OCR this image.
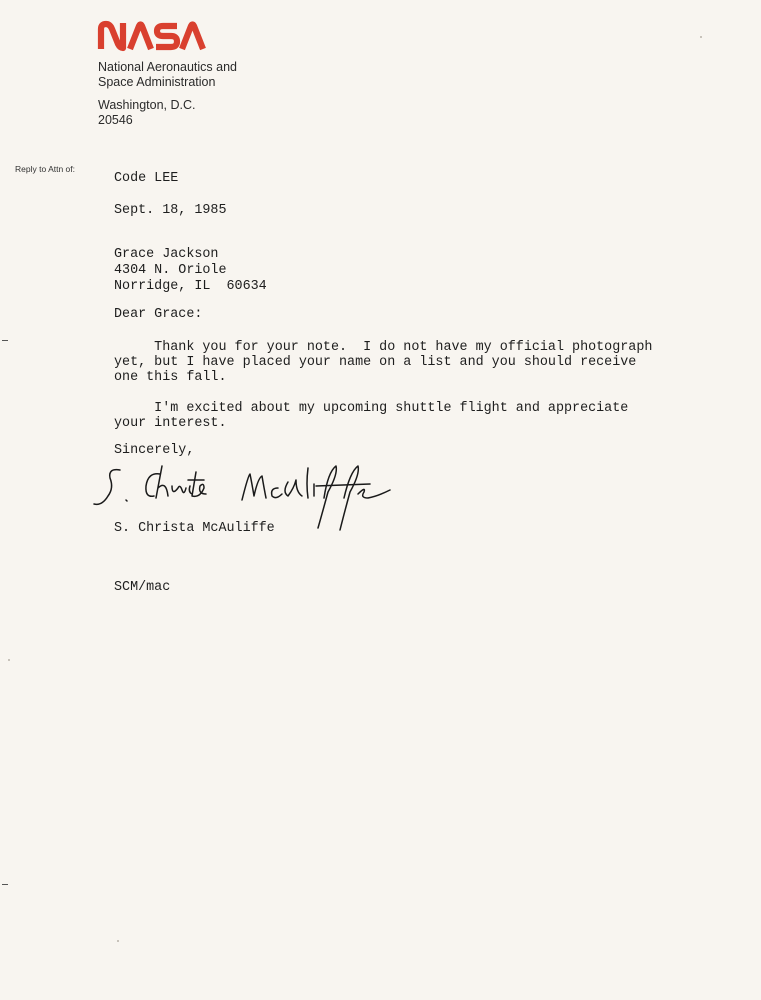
National Aeronautics and
Space Administration
Washington, D.C.
20546
Reply to Attn of:
Code LEE
Sept. 18, 1985
Grace Jackson
4304 N. Oriole
Norridge, IL  60634
Dear Grace:
Thank you for your note.  I do not have my official photograph
yet, but I have placed your name on a list and you should receive
one this fall.
I'm excited about my upcoming shuttle flight and appreciate
your interest.
Sincerely,
S. Christa McAuliffe
SCM/mac
